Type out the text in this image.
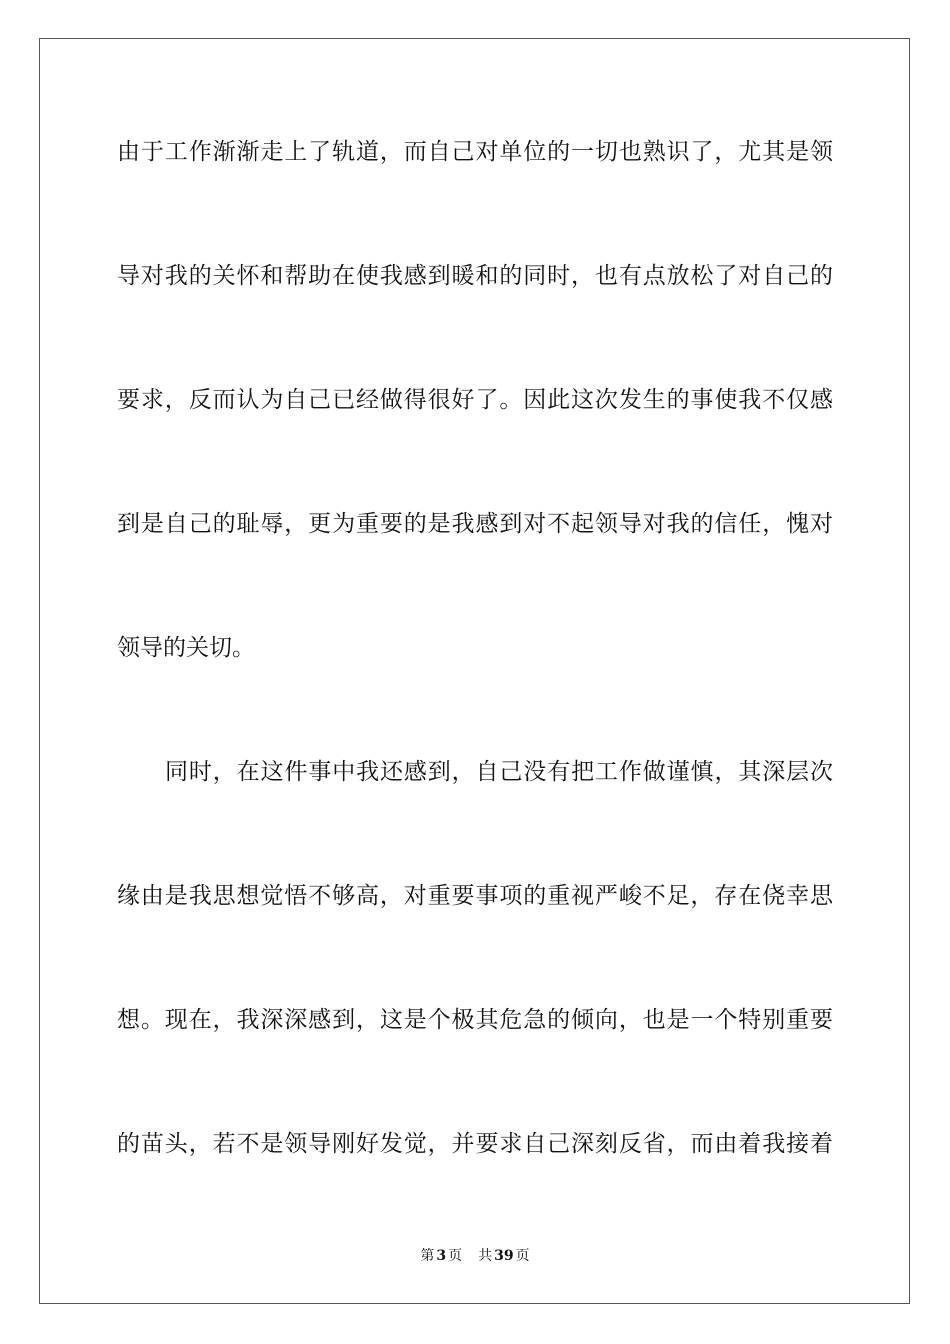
由于工作渐渐走上了轨道，而自己对单位的一切也熟识了，尤其是领
导对我的关怀和帮助在使我感到暖和的同时，也有点放松了对自己的
要求，反而认为自己已经做得很好了。因此这次发生的事使我不仅感
到是自己的耻辱，更为重要的是我感到对不起领导对我的信任，愧对
领导的关切。
同时，在这件事中我还感到，自己没有把工作做谨慎，其深层次
缘由是我思想觉悟不够高，对重要事项的重视严峻不足，存在侥幸思
想。现在，我深深感到，这是个极其危急的倾向，也是一个特别重要
的苗头，若不是领导刚好发觉，并要求自己深刻反省，而由着我接着
第 3 页 共 39 页
